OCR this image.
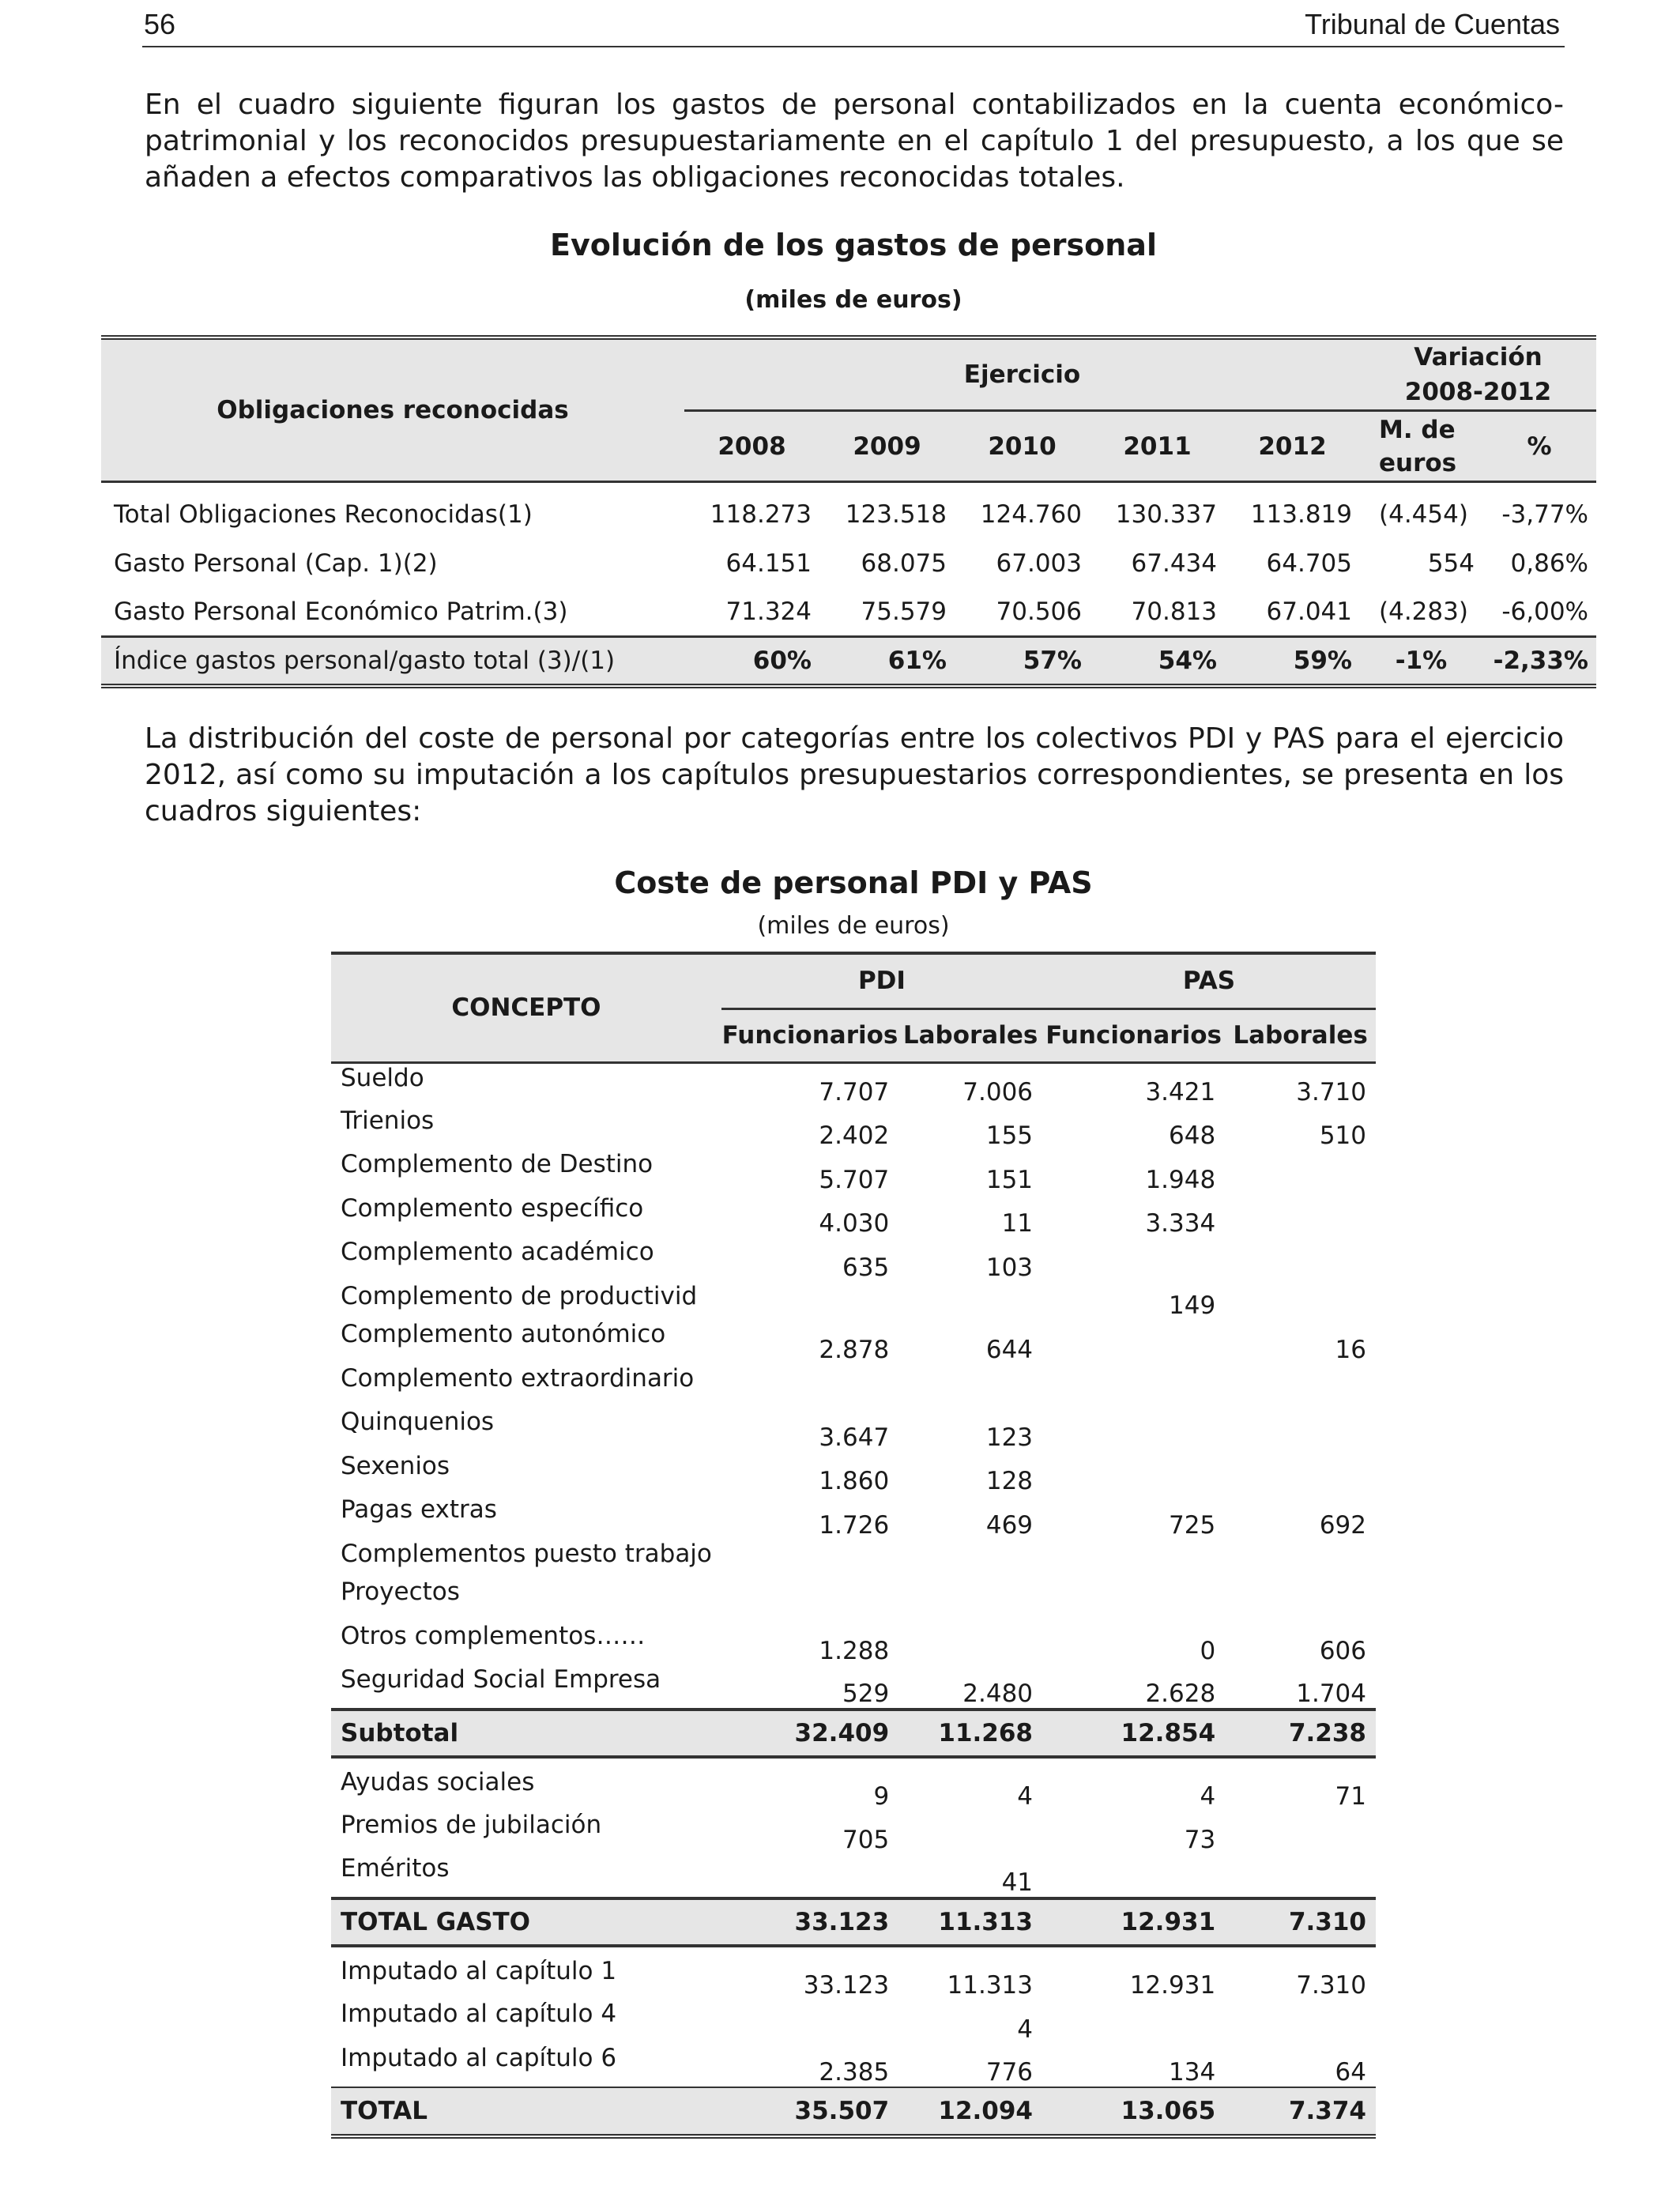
56	Tribunal de Cuentas

En el cuadro siguiente figuran los gastos de personal contabilizados en la cuenta económico-patrimonial y los reconocidos presupuestariamente en el capítulo 1 del presupuesto, a los que se añaden a efectos comparativos las obligaciones reconocidas totales.

Evolución de los gastos de personal
(miles de euros)
Obligaciones reconocidas	Ejercicio					Variación
2008-2012	

	2008	2009	2010	2011	2012	M. de
euros	%
Total Obligaciones Reconocidas(1)	118.273	123.518	124.760	130.337	113.819	(4.454)	-3,77%
Gasto Personal (Cap. 1)(2)	64.151	68.075	67.003	67.434	64.705	554	0,86%
Gasto Personal Económico Patrim.(3)	71.324	75.579	70.506	70.813	67.041	(4.283)	-6,00%
Índice gastos personal/gasto total (3)/(1)	60%	61%	57%	54%	59%	-1%	-2,33%

La distribución del coste de personal por categorías entre los colectivos PDI y PAS para el ejercicio 2012, así como su imputación a los capítulos presupuestarios correspondientes, se presenta en los cuadros siguientes:

Coste de personal PDI y PAS
(miles de euros)
CONCEPTO	PDI		PAS	
	Funcionarios	Laborales	Funcionarios	Laborales
Sueldo	7.707	7.006	3.421	3.710
Trienios	2.402	155	648	510
Complemento de Destino	5.707	151	1.948	
Complemento específico	4.030	11	3.334	
Complemento académico	635	103		
Complemento de productivid			149	
Complemento autonómico	2.878	644		16
Complemento extraordinario				
Quinquenios	3.647	123		
Sexenios	1.860	128		
Pagas extras	1.726	469	725	692
Complementos puesto trabajo				
Proyectos				
Otros complementos……	1.288		0	606
Seguridad Social Empresa	529	2.480	2.628	1.704
Subtotal	32.409	11.268	12.854	7.238
Ayudas sociales	9	4	4	71
Premios de jubilación	705		73	
Eméritos		41		
TOTAL GASTO	33.123	11.313	12.931	7.310
Imputado al capítulo 1	33.123	11.313	12.931	7.310
Imputado al capítulo 4		4		
Imputado al capítulo 6	2.385	776	134	64
TOTAL	35.507	12.094	13.065	7.374
